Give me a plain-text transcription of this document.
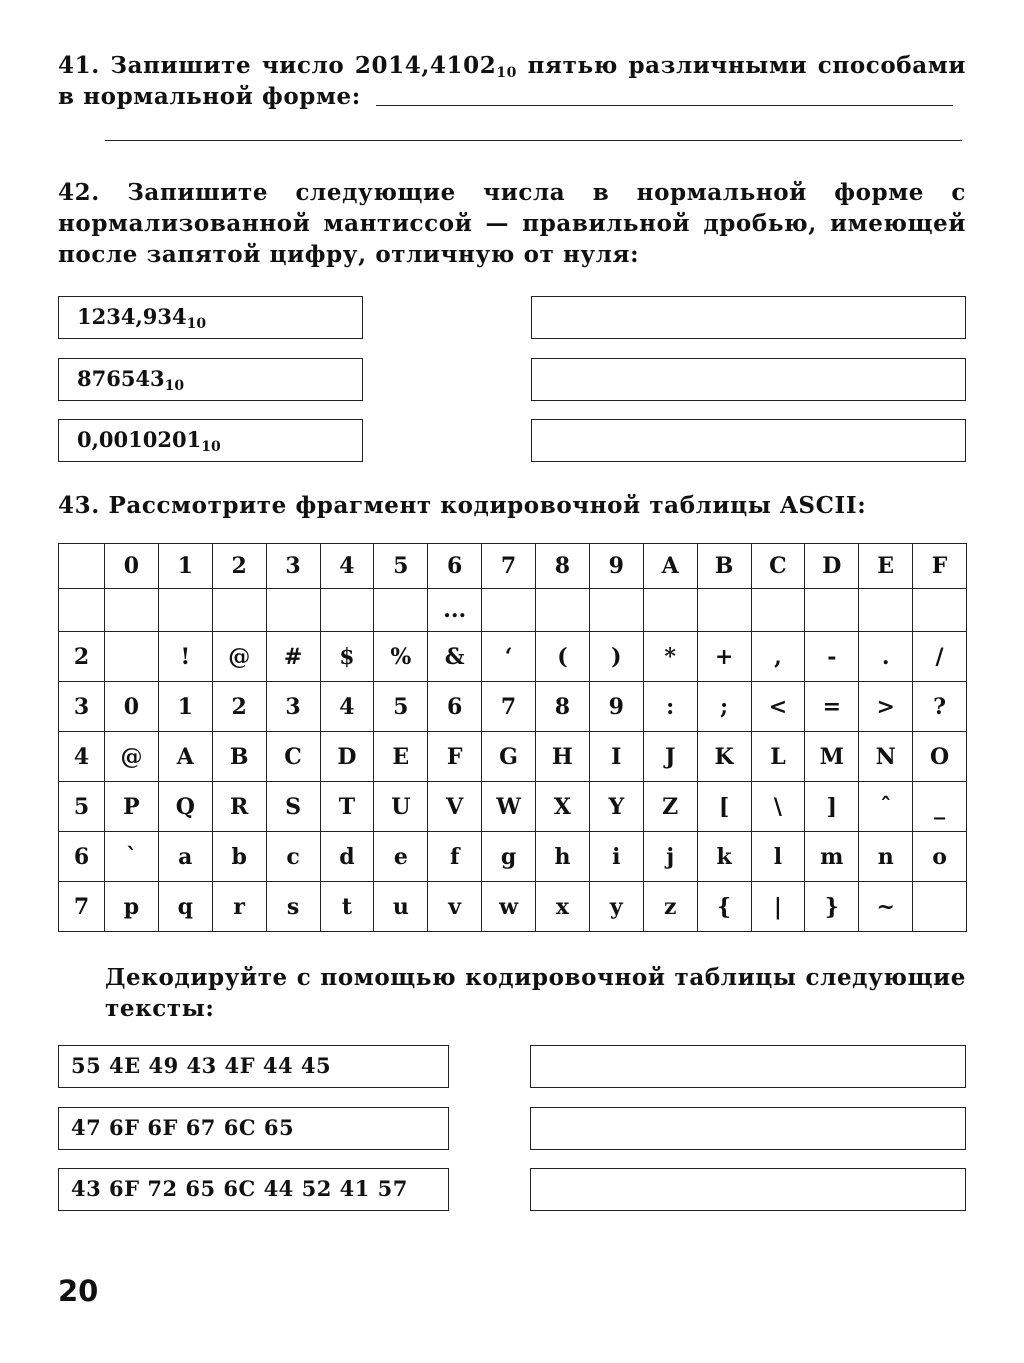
41. Запишите число $2014,4102_{10}$ пятью различными способами в нормальной форме:
42. Запишите следующие числа в нормальной форме с нормализованной мантиссой — правильной дробью, имеющей после запятой цифру, отличную от нуля:
$1234,934_{10}$
$876543_{10}$
$0,0010201_{10}$
43. Рассмотрите фрагмент кодировочной таблицы ASCII:
	0	1	2	3	4	5	6	7	8	9	A	B	C	D	E	F
							...									
2		!	@	#	$	%	&	‘	(	)	*	+	,	-	.	/
3	0	1	2	3	4	5	6	7	8	9	:	;	<	=	>	?
4	@	A	B	C	D	E	F	G	H	I	J	K	L	M	N	O
5	P	Q	R	S	T	U	V	W	X	Y	Z	[	\	]	ˆ	_
6	`	a	b	c	d	e	f	g	h	i	j	k	l	m	n	o
7	p	q	r	s	t	u	v	w	x	y	z	{	|	}	~	
Декодируйте с помощью кодировочной таблицы следующие тексты:
55 4E 49 43 4F 44 45
47 6F 6F 67 6C 65
43 6F 72 65 6C 44 52 41 57
20
